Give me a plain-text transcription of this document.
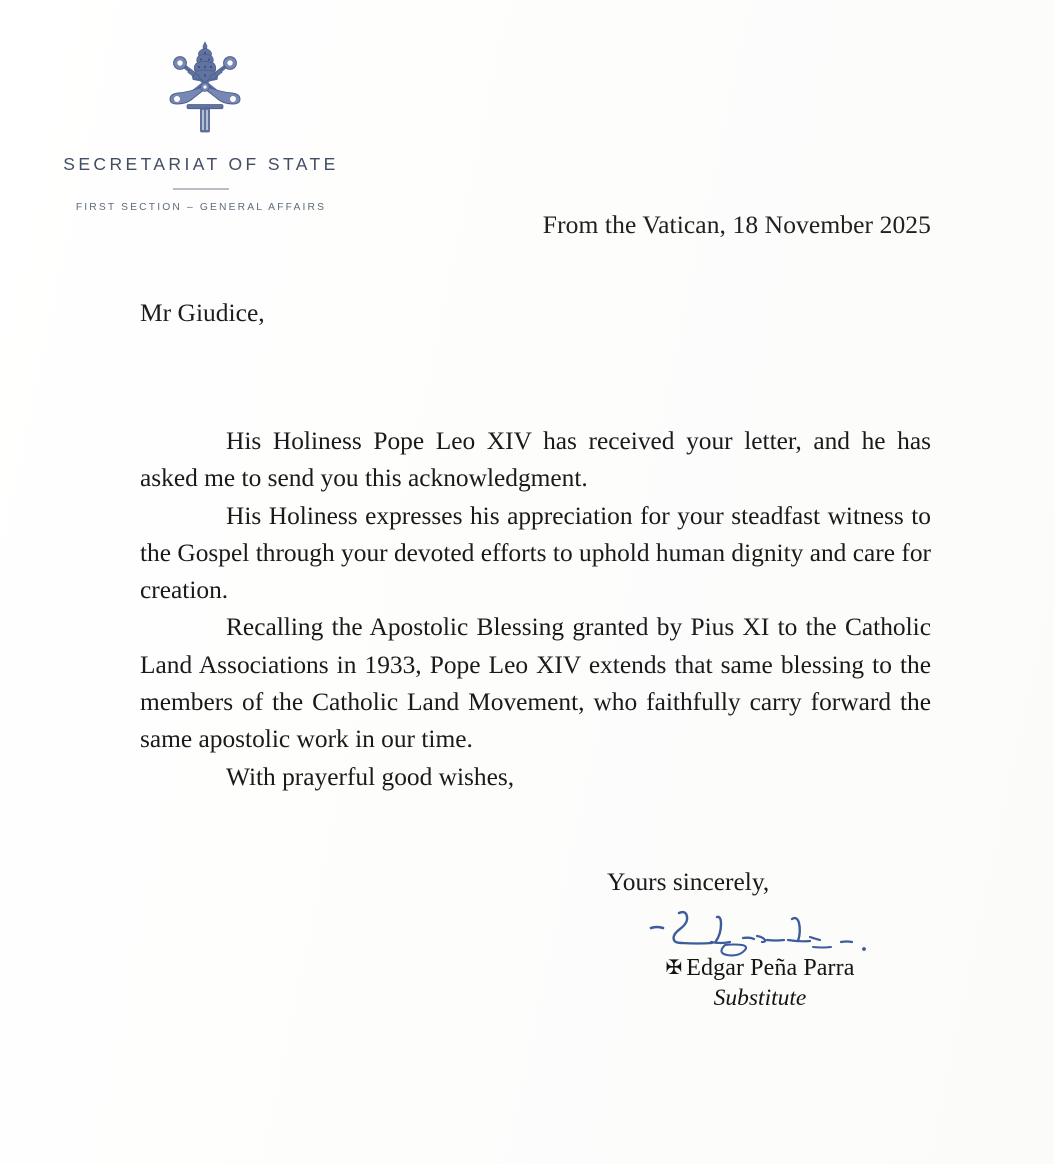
SECRETARIAT OF STATE
FIRST SECTION – GENERAL AFFAIRS
From the Vatican, 18 November 2025
Mr Giudice,

His Holiness Pope Leo XIV has received your letter, and he has asked me to send you this acknowledgment.

His Holiness expresses his appreciation for your steadfast witness to the Gospel through your devoted efforts to uphold human dignity and care for creation.

Recalling the Apostolic Blessing granted by Pius XI to the Catholic Land Associations in 1933, Pope Leo XIV extends that same blessing to the members of the Catholic Land Movement, who faithfully carry forward the same apostolic work in our time.

With prayerful good wishes,

Yours sincerely,
✠ Edgar Peña Parra
Substitute
